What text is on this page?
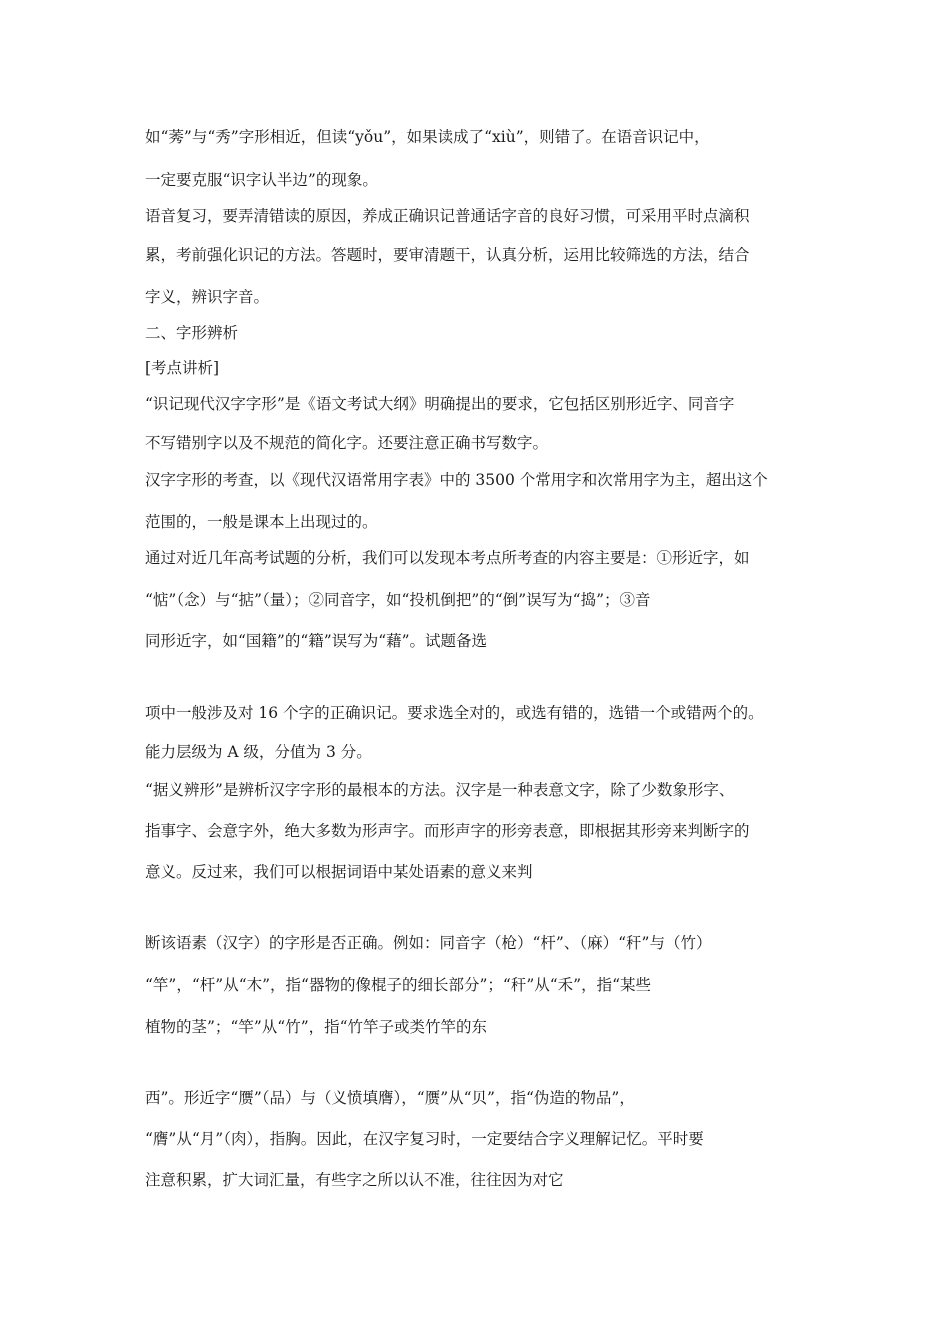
如“莠”与“秀”字形相近，但读“yǒu”，如果读成了“xiù”，则错了。在语音识记中，
一定要克服“识字认半边”的现象。
语音复习，要弄清错读的原因，养成正确识记普通话字音的良好习惯，可采用平时点滴积
累，考前强化识记的方法。答题时，要审清题干，认真分析，运用比较筛选的方法，结合
字义，辨识字音。
二、字形辨析
[考点讲析]
“识记现代汉字字形”是《语文考试大纲》明确提出的要求，它包括区别形近字、同音字
不写错别字以及不规范的简化字。还要注意正确书写数字。
汉字字形的考查，以《现代汉语常用字表》中的 3500 个常用字和次常用字为主，超出这个
范围的，一般是课本上出现过的。
通过对近几年高考试题的分析，我们可以发现本考点所考查的内容主要是：①形近字，如
“惦”（念）与“掂”（量）；②同音字，如“投机倒把”的“倒”误写为“捣”；③音
同形近字，如“国籍”的“籍”误写为“藉”。试题备选
项中一般涉及对 16 个字的正确识记。要求选全对的，或选有错的，选错一个或错两个的。
能力层级为 A 级，分值为 3 分。
“据义辨形”是辨析汉字字形的最根本的方法。汉字是一种表意文字，除了少数象形字、
指事字、会意字外，绝大多数为形声字。而形声字的形旁表意，即根据其形旁来判断字的
意义。反过来，我们可以根据词语中某处语素的意义来判
断该语素（汉字）的字形是否正确。例如：同音字（枪）“杆”、（麻）“秆”与（竹）
“竿”，“杆”从“木”，指“器物的像棍子的细长部分”；“秆”从“禾”，指“某些
植物的茎”；“竿”从“竹”，指“竹竿子或类竹竿的东
西”。形近字“赝”（品）与（义愤填膺），“赝”从“贝”，指“伪造的物品”，
“膺”从“月”（肉），指胸。因此，在汉字复习时，一定要结合字义理解记忆。平时要
注意积累，扩大词汇量，有些字之所以认不准，往往因为对它
